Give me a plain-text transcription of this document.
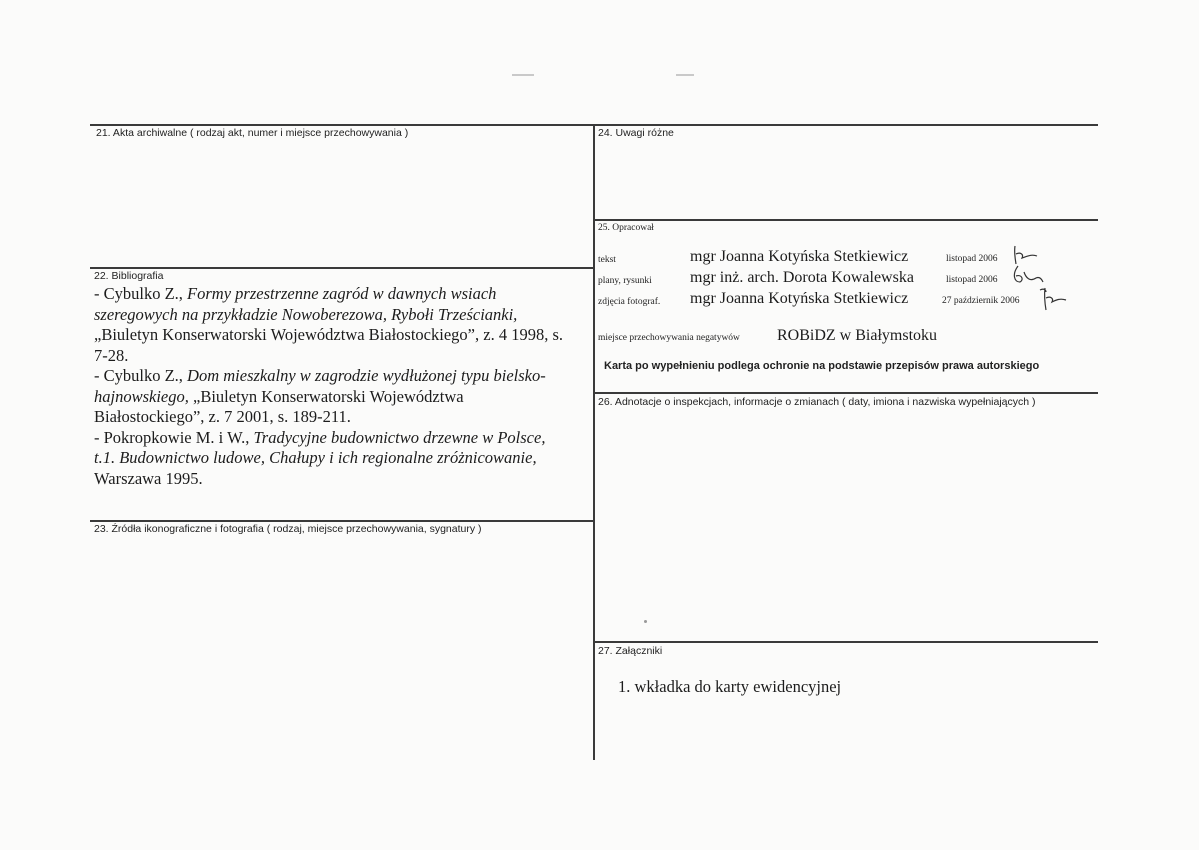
21. Akta archiwalne ( rodzaj akt, numer i miejsce przechowywania )
22. Bibliografia
- Cybulko Z., Formy przestrzenne zagród w dawnych wsiach
szeregowych na przykładzie Nowoberezowa, Rybołi Trześcianki,
„Biuletyn Konserwatorski Województwa Białostockiego”, z. 4 1998, s.
7-28.
- Cybulko Z., Dom mieszkalny w zagrodzie wydłużonej typu bielsko-
hajnowskiego, „Biuletyn Konserwatorski Województwa
Białostockiego”, z. 7 2001, s. 189-211.
- Pokropkowie M. i W., Tradycyjne budownictwo drzewne w Polsce,
t.1. Budownictwo ludowe, Chałupy i ich regionalne zróżnicowanie,
Warszawa 1995.
23. Źródła ikonograficzne i fotografia ( rodzaj, miejsce przechowywania, sygnatury )
24. Uwagi różne
25. Opracował
tekst	mgr Joanna Kotyńska Stetkiewicz	listopad 2006
plany, rysunki mgr inż. arch. Dorota Kowalewska	listopad 2006
zdjęcia fotograf. mgr Joanna Kotyńska Stetkiewicz	27 październik 2006
miejsce przechowywania negatywów ROBiDZ w Białymstoku
Karta po wypełnieniu podlega ochronie na podstawie przepisów prawa autorskiego
26. Adnotacje o inspekcjach, informacje o zmianach ( daty, imiona i nazwiska wypełniających )
27. Załączniki
1. wkładka do karty ewidencyjnej
